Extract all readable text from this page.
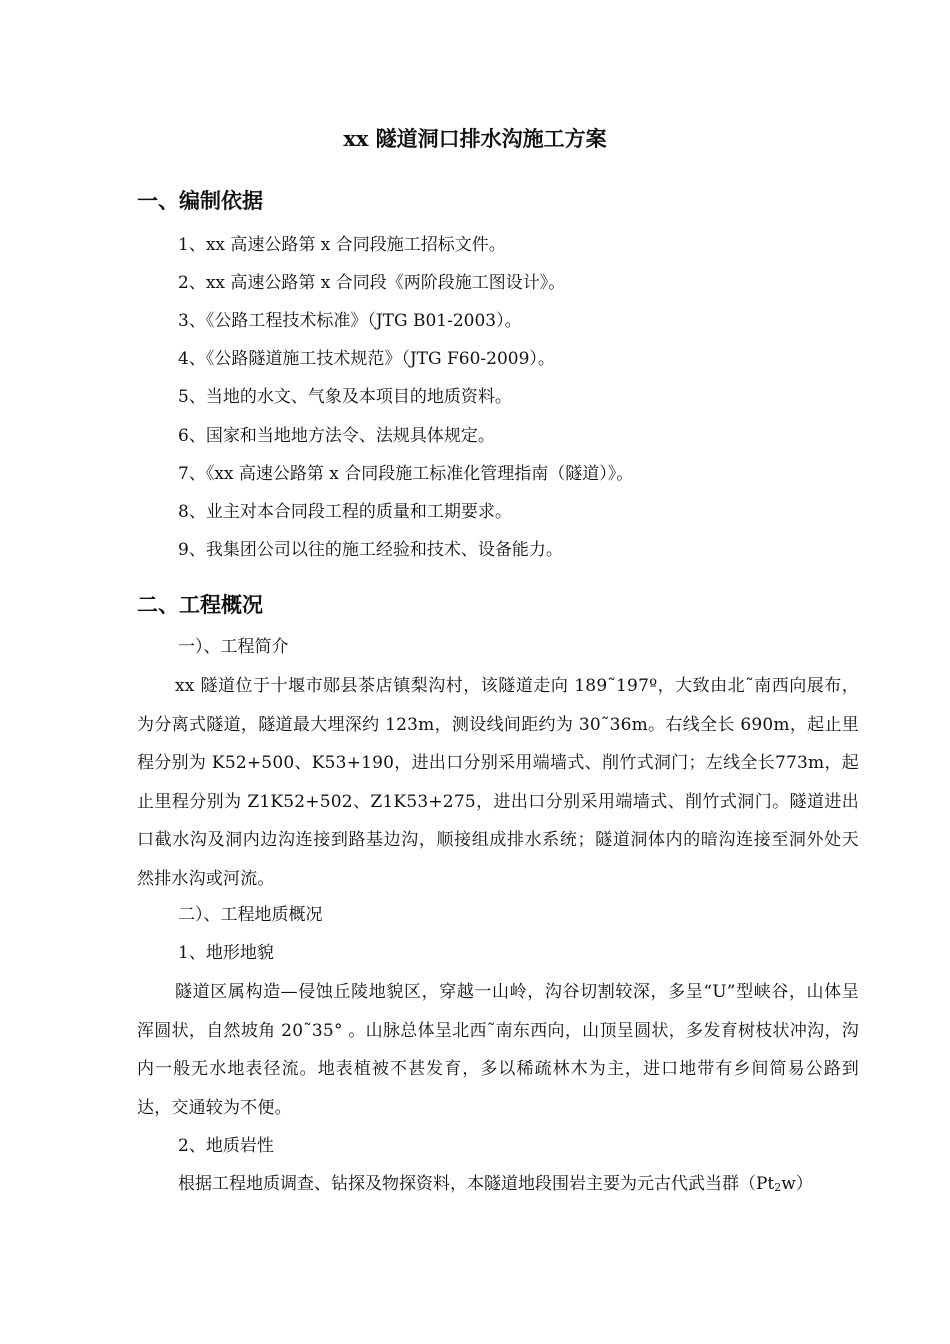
xx 隧道洞口排水沟施工方案
一、编制依据

1、xx 高速公路第 x 合同段施工招标文件。

2、xx 高速公路第 x 合同段《两阶段施工图设计》。

3、《公路工程技术标准》（JTG B01-2003）。

4、《公路隧道施工技术规范》（JTG F60-2009）。

5、当地的水文、气象及本项目的地质资料。

6、国家和当地地方法令、法规具体规定。

7、《xx 高速公路第 x 合同段施工标准化管理指南（隧道）》。

8、业主对本合同段工程的质量和工期要求。

9、我集团公司以往的施工经验和技术、设备能力。

二、工程概况

一）、工程简介

xx 隧道位于十堰市郧县茶店镇梨沟村，该隧道走向 189˜197º，大致由北˜南西向展布，为分离式隧道，隧道最大埋深约 123m，测设线间距约为 30˜36m。右线全长 690m，起止里程分别为 K52+500、K53+190，进出口分别采用端墙式、削竹式洞门；左线全长773m，起止里程分别为 Z1K52+502、Z1K53+275，进出口分别采用端墙式、削竹式洞门。隧道进出口截水沟及洞内边沟连接到路基边沟，顺接组成排水系统；隧道洞体内的暗沟连接至洞外处天然排水沟或河流。

二）、工程地质概况

1、地形地貌

隧道区属构造—侵蚀丘陵地貌区，穿越一山岭，沟谷切割较深，多呈“U”型峡谷，山体呈浑圆状，自然坡角 20˜35° 。山脉总体呈北西˜南东西向，山顶呈圆状，多发育树枝状冲沟，沟内一般无水地表径流。地表植被不甚发育，多以稀疏林木为主，进口地带有乡间简易公路到达，交通较为不便。

2、地质岩性

根据工程地质调查、钻探及物探资料，本隧道地段围岩主要为元古代武当群（Pt2w）
